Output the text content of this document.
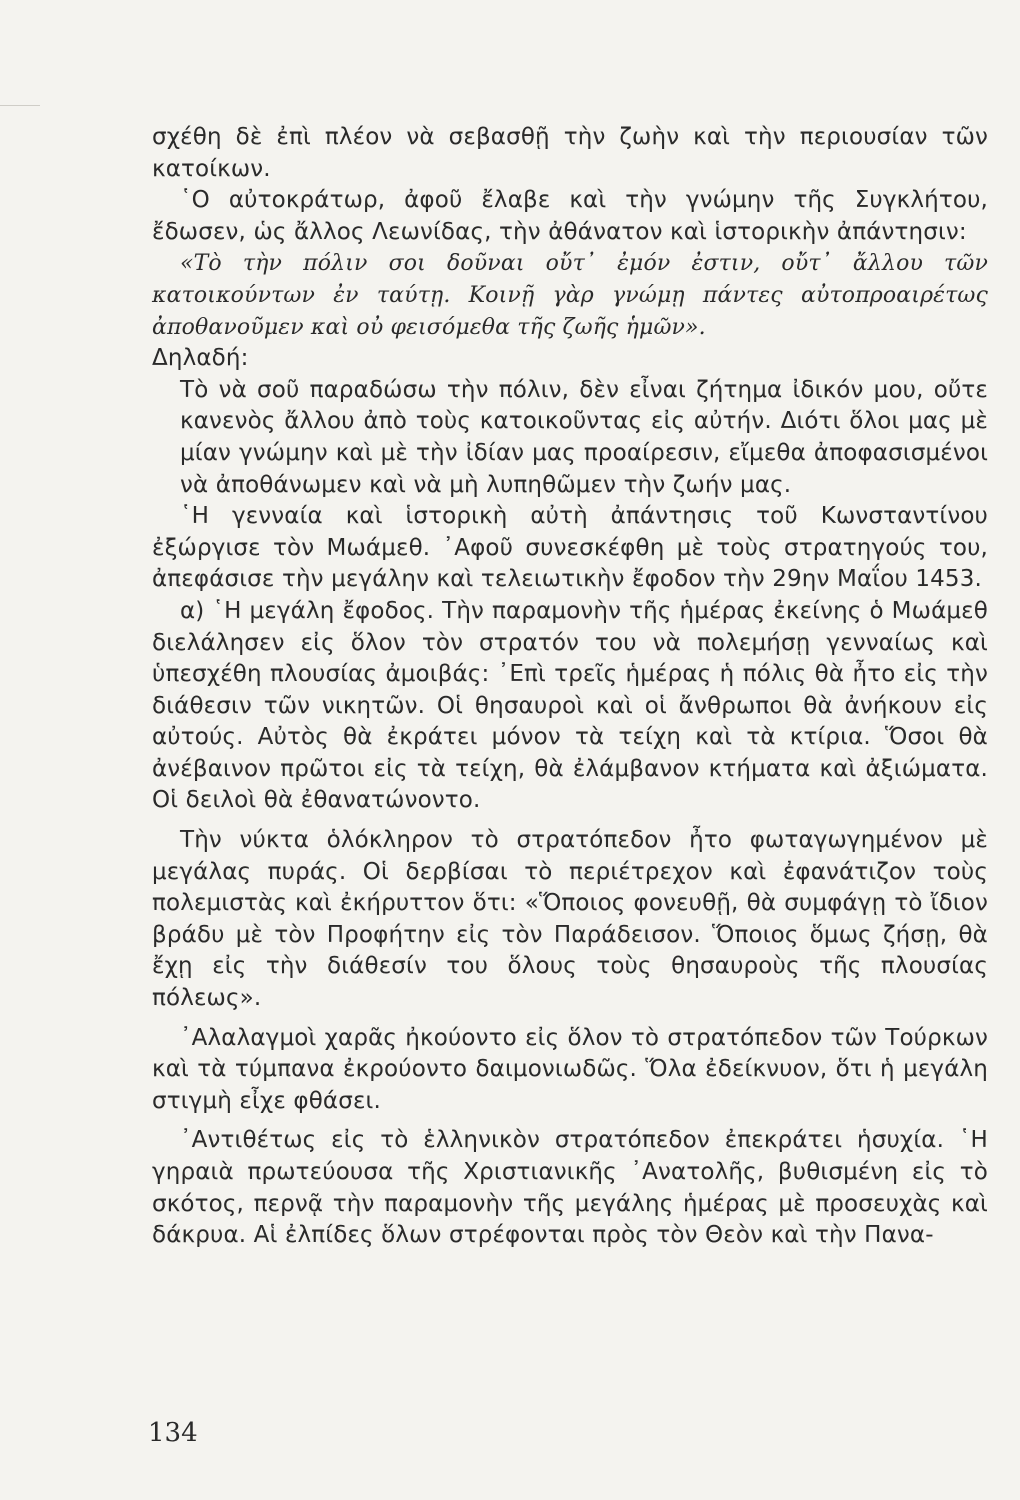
σχέθη δὲ ἐπὶ πλέον νὰ σεβασθῇ τὴν ζωὴν καὶ τὴν περιουσίαν τῶν κατοίκων.

῾Ο αὐτοκράτωρ, ἀφοῦ ἔλαβε καὶ τὴν γνώμην τῆς Συγκλήτου, ἔδωσεν, ὡς ἄλλος Λεωνίδας, τὴν ἀθάνατον καὶ ἱστορικὴν ἀπάντησιν:

«Τὸ τὴν πόλιν σοι δοῦναι οὔτ᾽ ἐμόν ἐστιν, οὔτ᾽ ἄλλου τῶν κατοικούντων ἐν ταύτῃ. Κοινῇ γὰρ γνώμῃ πάντες αὐτοπροαιρέτως ἀποθανοῦμεν καὶ οὐ φεισόμεθα τῆς ζωῆς ἡμῶν».

Δηλαδή:

Τὸ νὰ σοῦ παραδώσω τὴν πόλιν, δὲν εἶναι ζήτημα ἰδικόν μου, οὔτε κανενὸς ἄλλου ἀπὸ τοὺς κατοικοῦντας εἰς αὐτήν. Διότι ὅλοι μας μὲ μίαν γνώμην καὶ μὲ τὴν ἰδίαν μας προαίρεσιν, εἴμεθα ἀποφασισμένοι νὰ ἀποθάνωμεν καὶ νὰ μὴ λυπηθῶμεν τὴν ζωήν μας.

῾Η γενναία καὶ ἱστορικὴ αὐτὴ ἀπάντησις τοῦ Κωνσταντίνου ἐξώργισε τὸν Μωάμεθ. ᾿Αφοῦ συνεσκέφθη μὲ τοὺς στρατηγούς του, ἀπεφάσισε τὴν μεγάλην καὶ τελειωτικὴν ἔφοδον τὴν 29ην Μαΐου 1453.

α) ῾Η μεγάλη ἔφοδος. Τὴν παραμονὴν τῆς ἡμέρας ἐκείνης ὁ Μωάμεθ διελάλησεν εἰς ὅλον τὸν στρατόν του νὰ πολεμήσῃ γενναίως καὶ ὑπεσχέθη πλουσίας ἀμοιβάς: ᾿Επὶ τρεῖς ἡμέρας ἡ πόλις θὰ ἦτο εἰς τὴν διάθεσιν τῶν νικητῶν. Οἱ θησαυροὶ καὶ οἱ ἄνθρωποι θὰ ἀνήκουν εἰς αὐτούς. Αὐτὸς θὰ ἐκράτει μόνον τὰ τείχη καὶ τὰ κτίρια. Ὅσοι θὰ ἀνέβαινον πρῶτοι εἰς τὰ τείχη, θὰ ἐλάμβανον κτήματα καὶ ἀξιώματα. Οἱ δειλοὶ θὰ ἐθανατώνοντο.

Τὴν νύκτα ὁλόκληρον τὸ στρατόπεδον ἦτο φωταγωγημένον μὲ μεγάλας πυράς. Οἱ δερβίσαι τὸ περιέτρεχον καὶ ἐφανάτιζον τοὺς πολεμιστὰς καὶ ἐκήρυττον ὅτι: «Ὅποιος φονευθῇ, θὰ συμφάγῃ τὸ ἴδιον βράδυ μὲ τὸν Προφήτην εἰς τὸν Παράδεισον. Ὅποιος ὅμως ζήσῃ, θὰ ἔχῃ εἰς τὴν διάθεσίν του ὅλους τοὺς θησαυροὺς τῆς πλουσίας πόλεως».

᾿Αλαλαγμοὶ χαρᾶς ἠκούοντο εἰς ὅλον τὸ στρατόπεδον τῶν Τούρκων καὶ τὰ τύμπανα ἐκρούοντο δαιμονιωδῶς. Ὅλα ἐδείκνυον, ὅτι ἡ μεγάλη στιγμὴ εἶχε φθάσει.

᾿Αντιθέτως εἰς τὸ ἑλληνικὸν στρατόπεδον ἐπεκράτει ἡσυχία. ῾Η γηραιὰ πρωτεύουσα τῆς Χριστιανικῆς ᾿Ανατολῆς, βυθισμένη εἰς τὸ σκότος, περνᾷ τὴν παραμονὴν τῆς μεγάλης ἡμέρας μὲ προσευχὰς καὶ δάκρυα. Αἱ ἐλπίδες ὅλων στρέφονται πρὸς τὸν Θεὸν καὶ τὴν Πανα-

134
